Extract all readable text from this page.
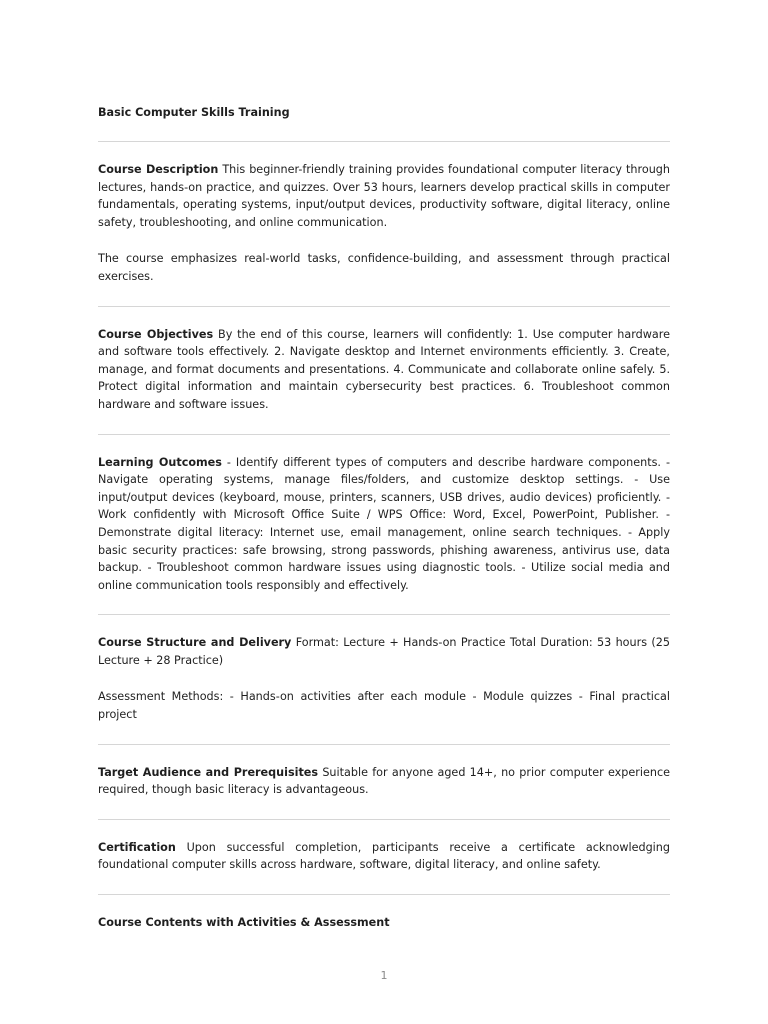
Basic Computer Skills Training

Course Description This beginner-friendly training provides foundational computer literacy through lectures, hands-on practice, and quizzes. Over 53 hours, learners develop practical skills in computer fundamentals, operating systems, input/output devices, productivity software, digital literacy, online safety, troubleshooting, and online communication.

The course emphasizes real-world tasks, confidence-building, and assessment through practical exercises.

Course Objectives By the end of this course, learners will confidently: 1. Use computer hardware and software tools effectively. 2. Navigate desktop and Internet environments efficiently. 3. Create, manage, and format documents and presentations. 4. Communicate and collaborate online safely. 5. Protect digital information and maintain cybersecurity best practices. 6. Troubleshoot common hardware and software issues.

Learning Outcomes - Identify different types of computers and describe hardware components. - Navigate operating systems, manage files/folders, and customize desktop settings. - Use input/output devices (keyboard, mouse, printers, scanners, USB drives, audio devices) proficiently. - Work confidently with Microsoft Office Suite / WPS Office: Word, Excel, PowerPoint, Publisher. - Demonstrate digital literacy: Internet use, email management, online search techniques. - Apply basic security practices: safe browsing, strong passwords, phishing awareness, antivirus use, data backup. - Troubleshoot common hardware issues using diagnostic tools. - Utilize social media and online communication tools responsibly and effectively.

Course Structure and Delivery Format: Lecture + Hands-on Practice Total Duration: 53 hours (25 Lecture + 28 Practice)

Assessment Methods: - Hands-on activities after each module - Module quizzes - Final practical project

Target Audience and Prerequisites Suitable for anyone aged 14+, no prior computer experience required, though basic literacy is advantageous.

Certification Upon successful completion, participants receive a certificate acknowledging foundational computer skills across hardware, software, digital literacy, and online safety.

Course Contents with Activities & Assessment

1
